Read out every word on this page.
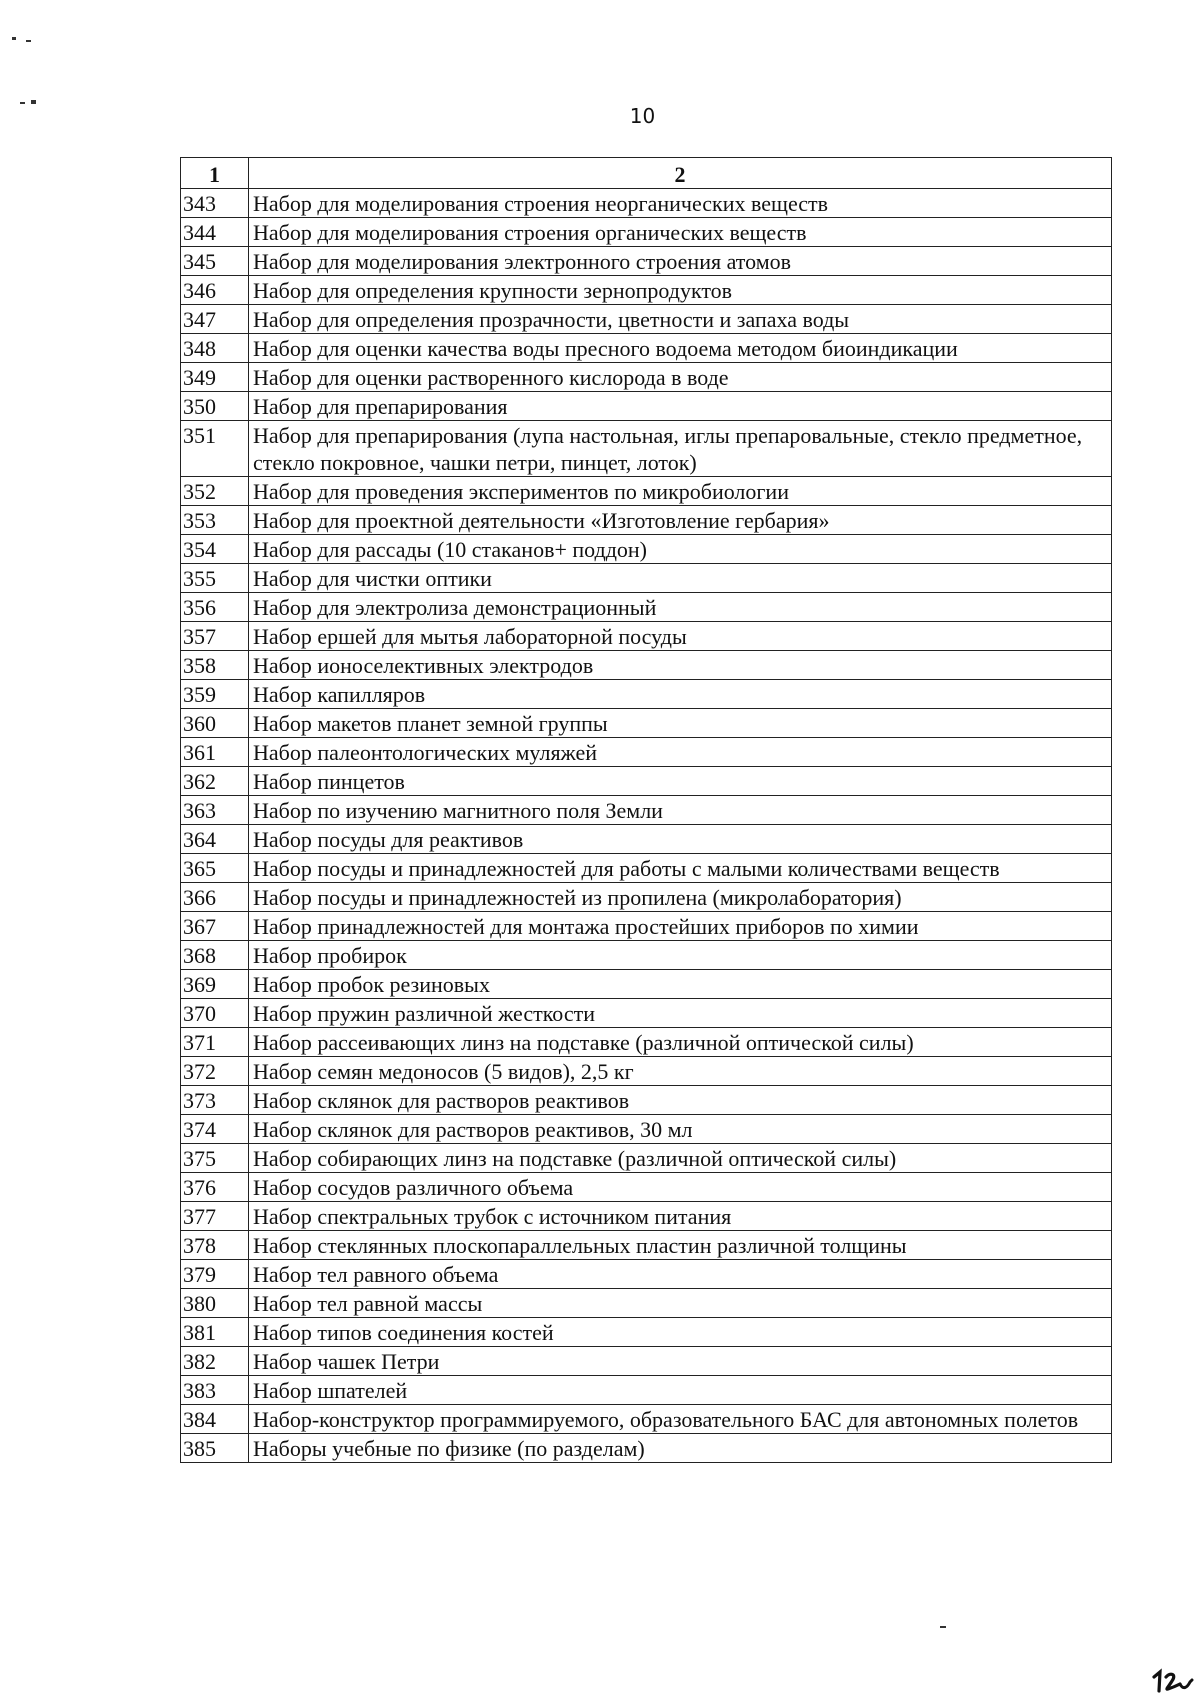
10
1	2
343	Набор для моделирования строения неорганических веществ
344	Набор для моделирования строения органических веществ
345	Набор для моделирования электронного строения атомов
346	Набор для определения крупности зернопродуктов
347	Набор для определения прозрачности, цветности и запаха воды
348	Набор для оценки качества воды пресного водоема методом биоиндикации
349	Набор для оценки растворенного кислорода в воде
350	Набор для препарирования
351	Набор для препарирования (лупа настольная, иглы препаровальные, стекло предметное, стекло покровное, чашки петри, пинцет, лоток)
352	Набор для проведения экспериментов по микробиологии
353	Набор для проектной деятельности «Изготовление гербария»
354	Набор для рассады (10 стаканов+ поддон)
355	Набор для чистки оптики
356	Набор для электролиза демонстрационный
357	Набор ершей для мытья лабораторной посуды
358	Набор ионоселективных электродов
359	Набор капилляров
360	Набор макетов планет земной группы
361	Набор палеонтологических муляжей
362	Набор пинцетов
363	Набор по изучению магнитного поля Земли
364	Набор посуды для реактивов
365	Набор посуды и принадлежностей для работы с малыми количествами веществ
366	Набор посуды и принадлежностей из пропилена (микролаборатория)
367	Набор принадлежностей для монтажа простейших приборов по химии
368	Набор пробирок
369	Набор пробок резиновых
370	Набор пружин различной жесткости
371	Набор рассеивающих линз на подставке (различной оптической силы)
372	Набор семян медоносов (5 видов), 2,5 кг
373	Набор склянок для растворов реактивов
374	Набор склянок для растворов реактивов, 30 мл
375	Набор собирающих линз на подставке (различной оптической силы)
376	Набор сосудов различного объема
377	Набор спектральных трубок с источником питания
378	Набор стеклянных плоскопараллельных пластин различной толщины
379	Набор тел равного объема
380	Набор тел равной массы
381	Набор типов соединения костей
382	Набор чашек Петри
383	Набор шпателей
384	Набор-конструктор программируемого, образовательного БАС для автономных полетов
385	Наборы учебные по физике (по разделам)
